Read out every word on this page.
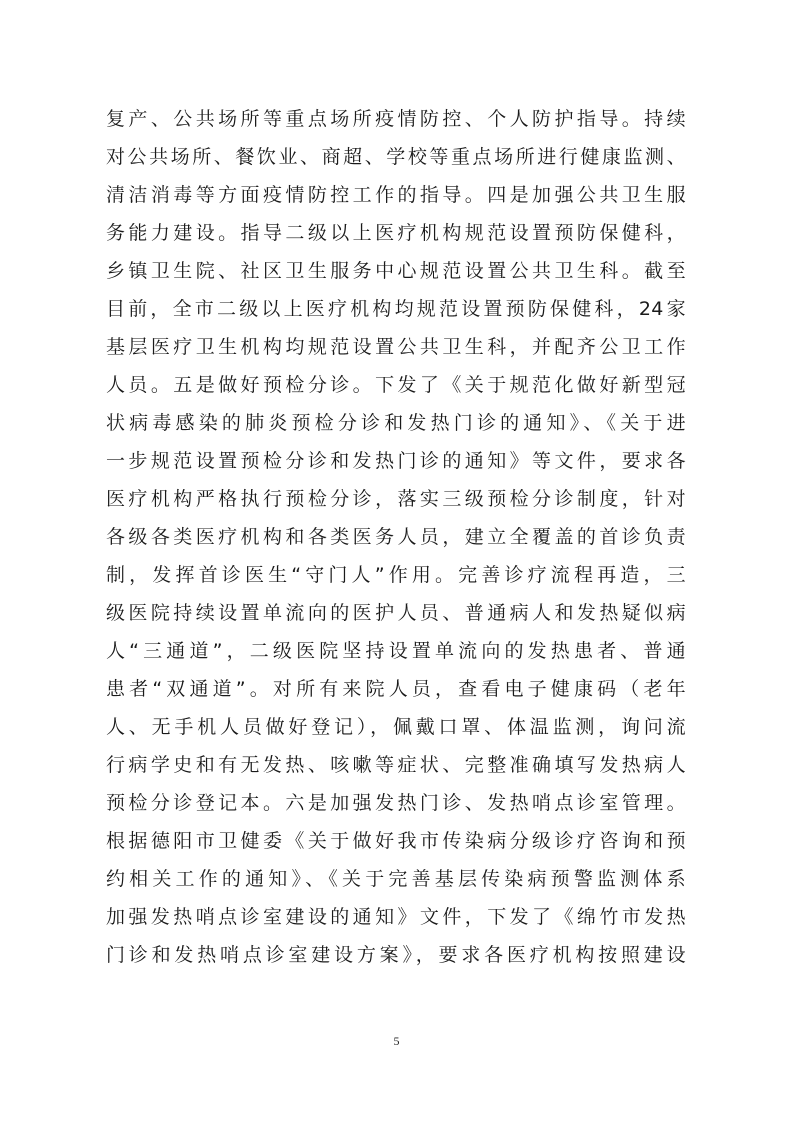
复产、公共场所等重点场所疫情防控、个人防护指导。持续
对公共场所、餐饮业、商超、学校等重点场所进行健康监测、
清洁消毒等方面疫情防控工作的指导。四是加强公共卫生服
务能力建设。指导二级以上医疗机构规范设置预防保健科，
乡镇卫生院、社区卫生服务中心规范设置公共卫生科。截至
目前，全市二级以上医疗机构均规范设置预防保健科，24家
基层医疗卫生机构均规范设置公共卫生科，并配齐公卫工作
人员。五是做好预检分诊。下发了《关于规范化做好新型冠
状病毒感染的肺炎预检分诊和发热门诊的通知》、《关于进
一步规范设置预检分诊和发热门诊的通知》等文件，要求各
医疗机构严格执行预检分诊，落实三级预检分诊制度，针对
各级各类医疗机构和各类医务人员，建立全覆盖的首诊负责
制，发挥首诊医生“守门人”作用。完善诊疗流程再造，三
级医院持续设置单流向的医护人员、普通病人和发热疑似病
人“三通道”，二级医院坚持设置单流向的发热患者、普通
患者“双通道”。对所有来院人员，查看电子健康码（老年
人、无手机人员做好登记），佩戴口罩、体温监测，询问流
行病学史和有无发热、咳嗽等症状、完整准确填写发热病人
预检分诊登记本。六是加强发热门诊、发热哨点诊室管理。
根据德阳市卫健委《关于做好我市传染病分级诊疗咨询和预
约相关工作的通知》、《关于完善基层传染病预警监测体系
加强发热哨点诊室建设的通知》文件，下发了《绵竹市发热
门诊和发热哨点诊室建设方案》，要求各医疗机构按照建设
5
